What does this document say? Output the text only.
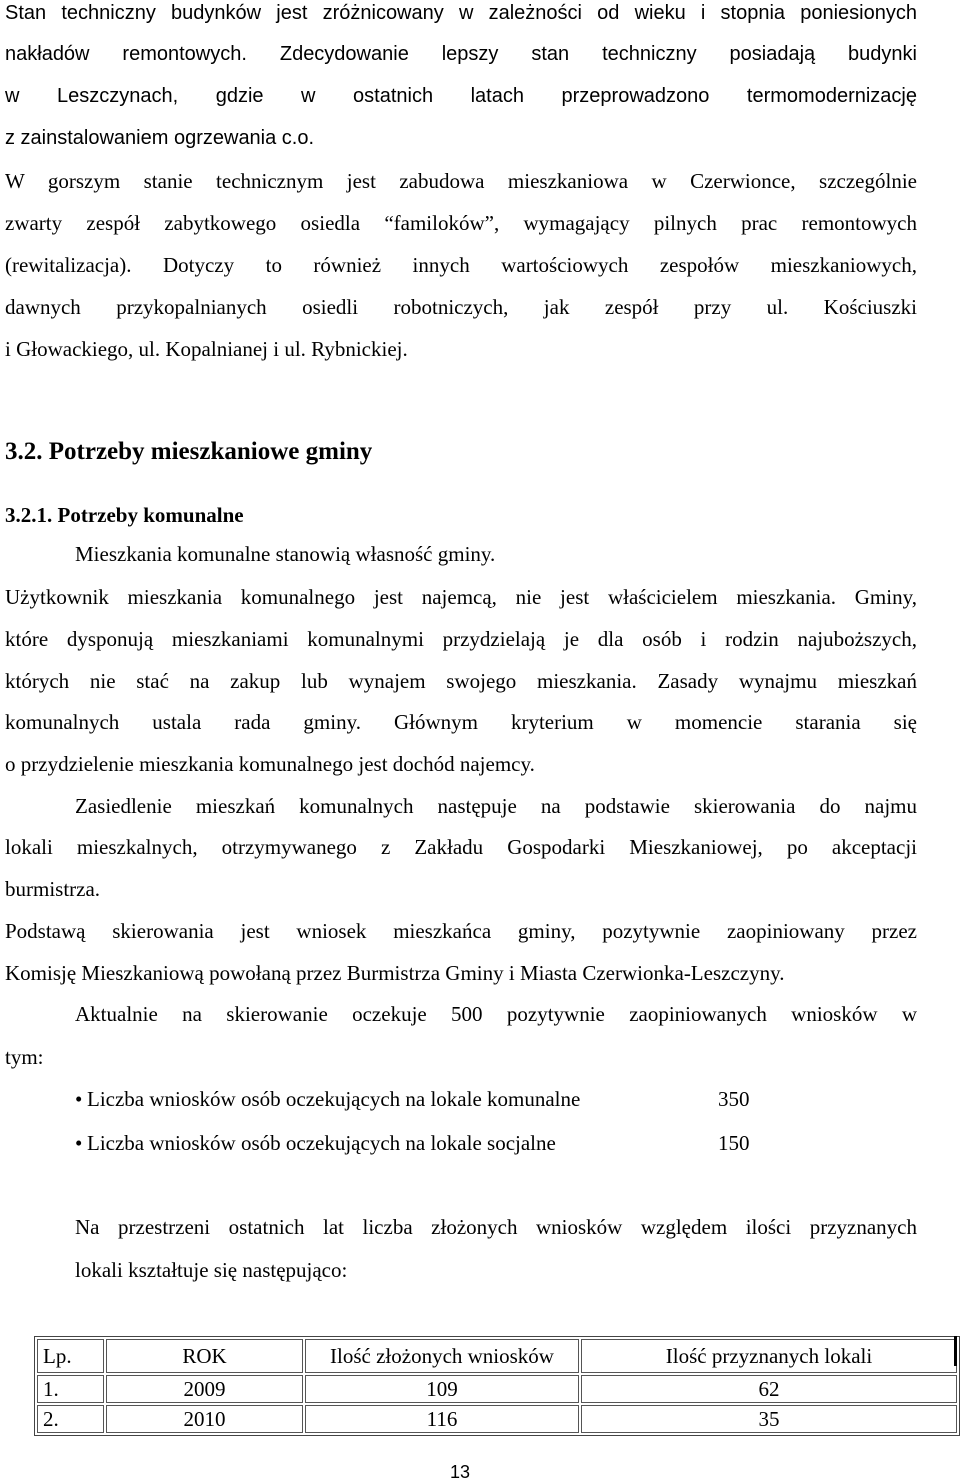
Stan techniczny budynków jest zróżnicowany w zależności od wieku i stopnia poniesionych
nakładów remontowych. Zdecydowanie lepszy stan techniczny posiadają budynki
w Leszczynach, gdzie w ostatnich latach przeprowadzono termomodernizację
z zainstalowaniem ogrzewania c.o.
W gorszym stanie technicznym jest zabudowa mieszkaniowa w Czerwionce, szczególnie
zwarty zespół zabytkowego osiedla “familoków”, wymagający pilnych prac remontowych
(rewitalizacja). Dotyczy to również innych wartościowych zespołów mieszkaniowych,
dawnych przykopalnianych osiedli robotniczych, jak zespół przy ul. Kościuszki
i Głowackiego, ul. Kopalnianej i ul. Rybnickiej.
3.2. Potrzeby mieszkaniowe gminy
3.2.1. Potrzeby komunalne
Mieszkania komunalne stanowią własność gminy.
Użytkownik mieszkania komunalnego jest najemcą, nie jest właścicielem mieszkania. Gminy,
które dysponują mieszkaniami komunalnymi przydzielają je dla osób i rodzin najuboższych,
których nie stać na zakup lub wynajem swojego mieszkania. Zasady wynajmu mieszkań
komunalnych ustala rada gminy. Głównym kryterium w momencie starania się
o przydzielenie mieszkania komunalnego jest dochód najemcy.
Zasiedlenie mieszkań komunalnych następuje na podstawie skierowania do najmu
lokali mieszkalnych, otrzymywanego z Zakładu Gospodarki Mieszkaniowej, po akceptacji
burmistrza.
Podstawą skierowania jest wniosek mieszkańca gminy, pozytywnie zaopiniowany przez
Komisję Mieszkaniową powołaną przez Burmistrza Gminy i Miasta Czerwionka-Leszczyny.
Aktualnie na skierowanie oczekuje 500 pozytywnie zaopiniowanych wniosków w
tym:
• Liczba wniosków osób oczekujących na lokale komunalne	350
• Liczba wniosków osób oczekujących na lokale socjalne	150
Na przestrzeni ostatnich lat liczba złożonych wniosków względem ilości przyznanych
lokali kształtuje się następująco:
Lp.	ROK	Ilość złożonych wniosków	Ilość przyznanych lokali
1.	2009	109	62
2.	2010	116	35
13
